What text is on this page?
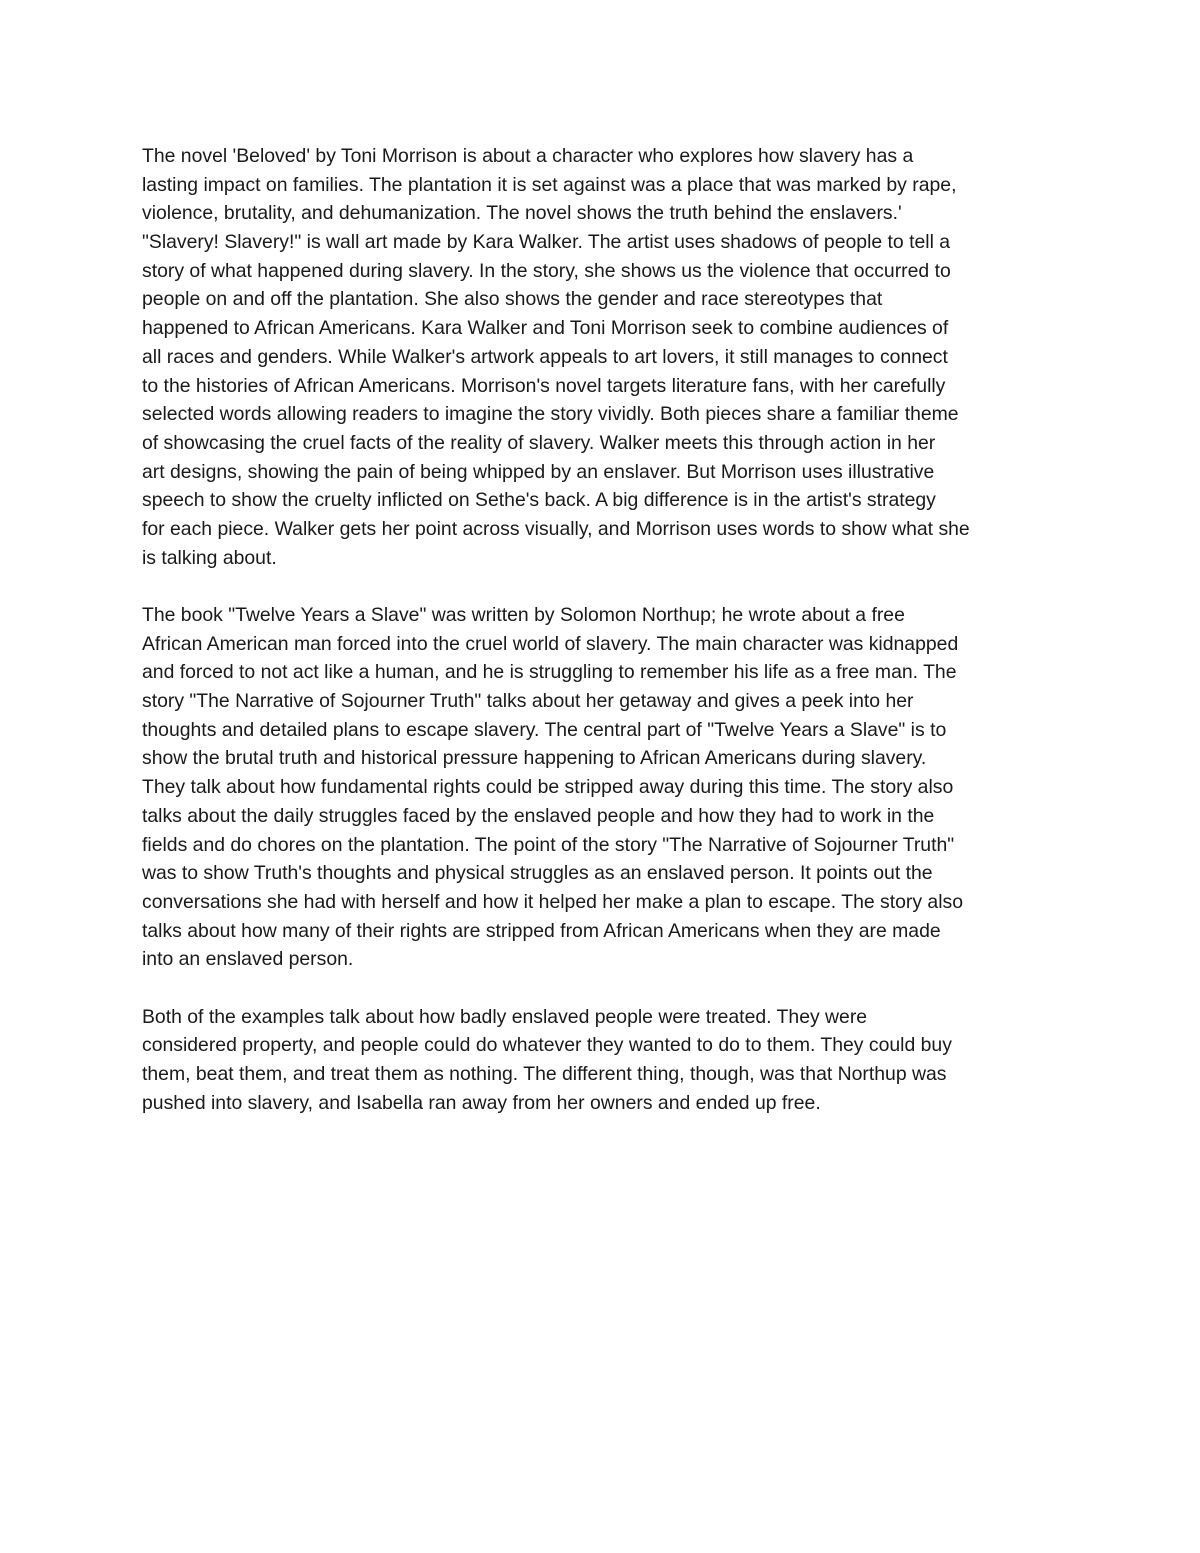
The novel 'Beloved' by Toni Morrison is about a character who explores how slavery has a
lasting impact on families. The plantation it is set against was a place that was marked by rape,
violence, brutality, and dehumanization. The novel shows the truth behind the enslavers.'
"Slavery! Slavery!" is wall art made by Kara Walker. The artist uses shadows of people to tell a
story of what happened during slavery. In the story, she shows us the violence that occurred to
people on and off the plantation. She also shows the gender and race stereotypes that
happened to African Americans. Kara Walker and Toni Morrison seek to combine audiences of
all races and genders. While Walker's artwork appeals to art lovers, it still manages to connect
to the histories of African Americans. Morrison's novel targets literature fans, with her carefully
selected words allowing readers to imagine the story vividly. Both pieces share a familiar theme
of showcasing the cruel facts of the reality of slavery. Walker meets this through action in her
art designs, showing the pain of being whipped by an enslaver. But Morrison uses illustrative
speech to show the cruelty inflicted on Sethe's back. A big difference is in the artist's strategy
for each piece. Walker gets her point across visually, and Morrison uses words to show what she
is talking about.
The book "Twelve Years a Slave" was written by Solomon Northup; he wrote about a free
African American man forced into the cruel world of slavery. The main character was kidnapped
and forced to not act like a human, and he is struggling to remember his life as a free man. The
story "The Narrative of Sojourner Truth" talks about her getaway and gives a peek into her
thoughts and detailed plans to escape slavery. The central part of "Twelve Years a Slave" is to
show the brutal truth and historical pressure happening to African Americans during slavery.
They talk about how fundamental rights could be stripped away during this time. The story also
talks about the daily struggles faced by the enslaved people and how they had to work in the
fields and do chores on the plantation. The point of the story "The Narrative of Sojourner Truth"
was to show Truth's thoughts and physical struggles as an enslaved person. It points out the
conversations she had with herself and how it helped her make a plan to escape. The story also
talks about how many of their rights are stripped from African Americans when they are made
into an enslaved person.
Both of the examples talk about how badly enslaved people were treated. They were
considered property, and people could do whatever they wanted to do to them. They could buy
them, beat them, and treat them as nothing. The different thing, though, was that Northup was
pushed into slavery, and Isabella ran away from her owners and ended up free.
